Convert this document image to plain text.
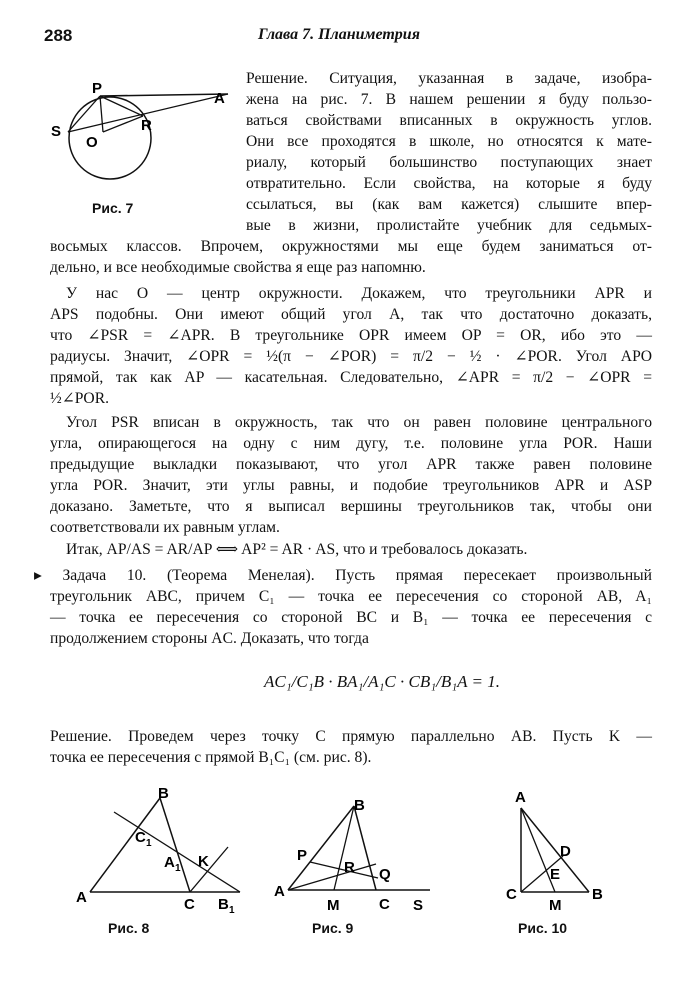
288	Глава 7. Планиметрия
P
A
S
O
R
Рис. 7
Решение. Ситуация, указанная в задаче, изобра-
жена на рис. 7. В нашем решении я буду пользо-
ваться свойствами вписанных в окружность углов.
Они все проходятся в школе, но относятся к мате-
риалу, который большинство поступающих знает
отвратительно. Если свойства, на которые я буду
ссылаться, вы (как вам кажется) слышите впер-
вые в жизни, пролистайте учебник для седьмых-
восьмых классов. Впрочем, окружностями мы еще будем заниматься от-
дельно, и все необходимые свойства я еще раз напомню.
У нас O — центр окружности. Докажем, что треугольники APR и
APS подобны. Они имеют общий угол A, так что достаточно доказать,
что ∠PSR = ∠APR. В треугольнике OPR имеем OP = OR, ибо это —
радиусы. Значит, ∠OPR = ½(π − ∠POR) = π/2 − ½ · ∠POR. Угол APO
прямой, так как AP — касательная. Следовательно, ∠APR = π/2 − ∠OPR =
½∠POR.
Угол PSR вписан в окружность, так что он равен половине центрального
угла, опирающегося на одну с ним дугу, т.е. половине угла POR. Наши
предыдущие выкладки показывают, что угол APR также равен половине
угла POR. Значит, эти углы равны, и подобие треугольников APR и ASP
доказано. Заметьте, что я выписал вершины треугольников так, чтобы они
соответствовали их равным углам.
Итак, AP/AS = AR/AP ⟺ AP² = AR · AS, что и требовалось доказать.
▸ Задача 10. (Теорема Менелая). Пусть прямая пересекает произвольный
треугольник ABC, причем C₁ — точка ее пересечения со стороной AB, A₁
— точка ее пересечения со стороной BC и B₁ — точка ее пересечения с
продолжением стороны AC. Доказать, что тогда
AC₁/C₁B · BA₁/A₁C · CB₁/B₁A = 1.
Решение. Проведем через точку C прямую параллельно AB. Пусть K —
точка ее пересечения с прямой B₁C₁ (см. рис. 8).
B
C 1
A 1 K
A	C B 1
Рис. 8
B
P
R Q
A
M	C S
Рис. 9
A
D
E
C
M
B
Рис. 10
